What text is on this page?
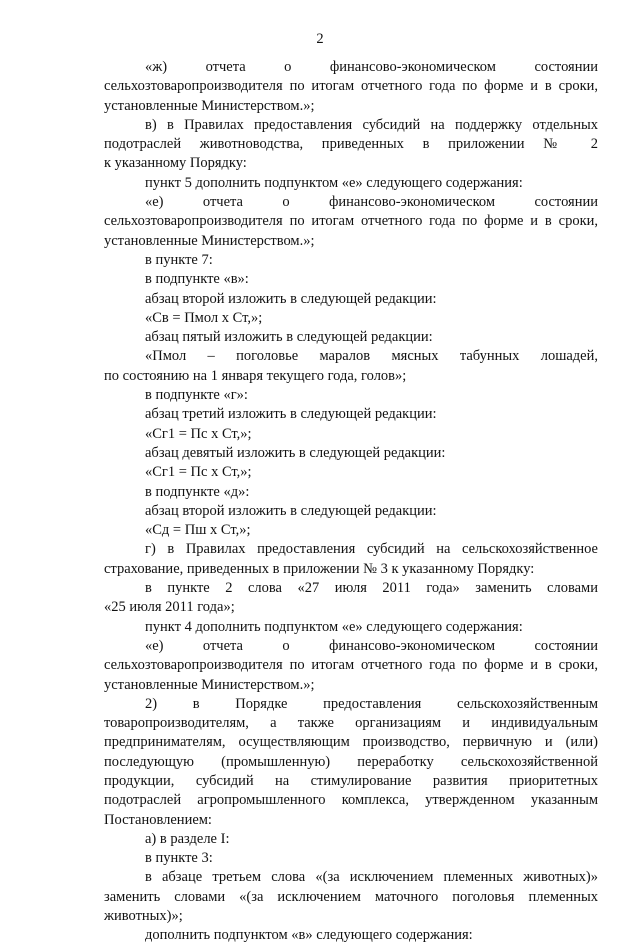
2
«ж) отчета о финансово-экономическом состоянии
сельхозтоваропроизводителя по итогам отчетного года по форме и в сроки,
установленные Министерством.»;
в) в Правилах предоставления субсидий на поддержку отдельных
подотраслей животноводства, приведенных в приложении № 2
к указанному Порядку:
пункт 5 дополнить подпунктом «е» следующего содержания:
«е) отчета о финансово-экономическом состоянии
сельхозтоваропроизводителя по итогам отчетного года по форме и в сроки,
установленные Министерством.»;
в пункте 7:
в подпункте «в»:
абзац второй изложить в следующей редакции:
«Св = Пмол х Ст,»;
абзац пятый изложить в следующей редакции:
«Пмол – поголовье маралов мясных табунных лошадей,
по состоянию на 1 января текущего года, голов»;
в подпункте «г»:
абзац третий изложить в следующей редакции:
«Сг1 = Пс х Ст,»;
абзац девятый изложить в следующей редакции:
«Сг1 = Пс х Ст,»;
в подпункте «д»:
абзац второй изложить в следующей редакции:
«Сд = Пш х Ст,»;
г) в Правилах предоставления субсидий на сельскохозяйственное
страхование, приведенных в приложении № 3 к указанному Порядку:
в пункте 2 слова «27 июля 2011 года» заменить словами
«25 июля 2011 года»;
пункт 4 дополнить подпунктом «е» следующего содержания:
«е) отчета о финансово-экономическом состоянии
сельхозтоваропроизводителя по итогам отчетного года по форме и в сроки,
установленные Министерством.»;
2) в Порядке предоставления сельскохозяйственным
товаропроизводителям, а также организациям и индивидуальным
предпринимателям, осуществляющим производство, первичную и (или)
последующую (промышленную) переработку сельскохозяйственной
продукции, субсидий на стимулирование развития приоритетных
подотраслей агропромышленного комплекса, утвержденном указанным
Постановлением:
а) в разделе I:
в пункте 3:
в абзаце третьем слова «(за исключением племенных животных)»
заменить словами «(за исключением маточного поголовья племенных
животных)»;
дополнить подпунктом «в» следующего содержания:
